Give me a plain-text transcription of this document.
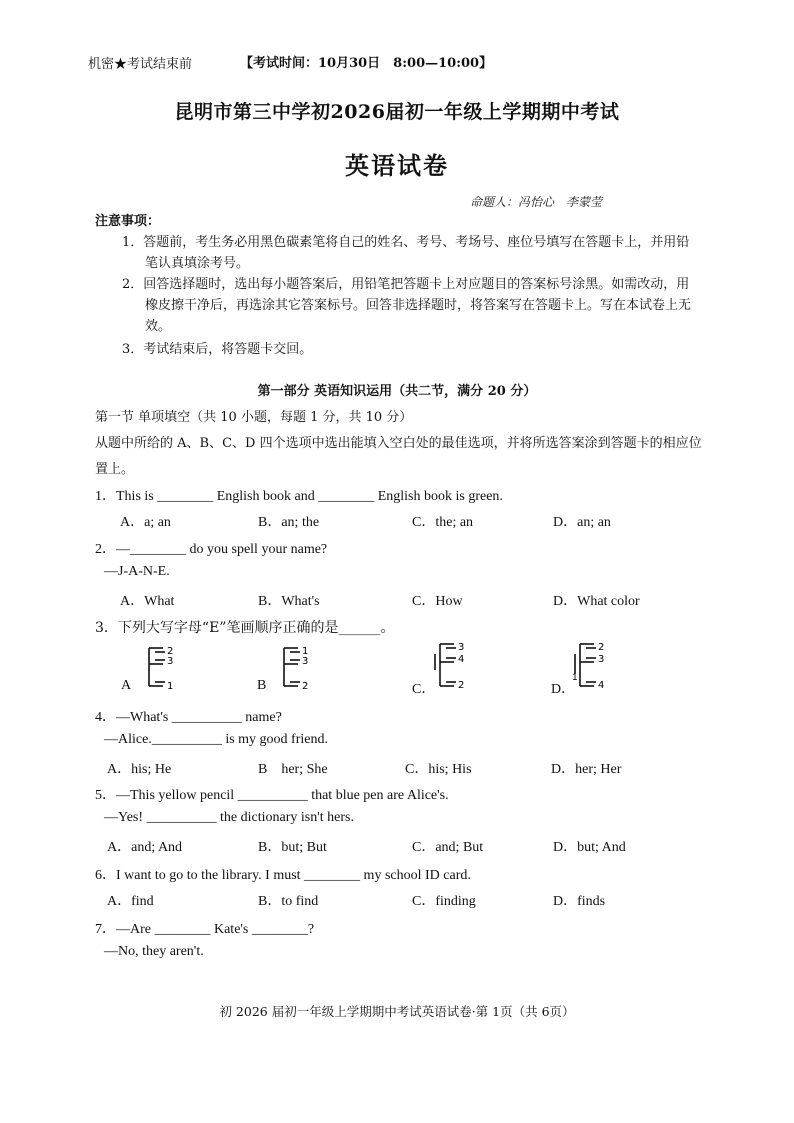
机密★考试结束前	【考试时间：10月30日　8:00—10:00】
昆明市第三中学初2026届初一年级上学期期中考试
英语试卷
命题人：冯怡心　李蒙莹
注意事项：
1．答题前，考生务必用黑色碳素笔将自己的姓名、考号、考场号、座位号填写在答题卡上，并用铅
笔认真填涂考号。
2．回答选择题时，选出每小题答案后，用铅笔把答题卡上对应题目的答案标号涂黑。如需改动，用
橡皮擦干净后，再选涂其它答案标号。回答非选择题时，将答案写在答题卡上。写在本试卷上无
效。
3．考试结束后，将答题卡交回。
第一部分 英语知识运用（共二节，满分 20 分）
第一节 单项填空（共 10 小题，每题 1 分，共 10 分）
从题中所给的 A、B、C、D 四个选项中选出能填入空白处的最佳选项，并将所选答案涂到答题卡的相应位
置上。
1．This is ________ English book and ________ English book is green.
A．a; an	B．an; the	C．the; an	D．an; an
2．—________ do you spell your name?
—J-A-N-E.
A．What	B．What's	C．How	D．What color
3．下列大写字母“E”笔画顺序正确的是______。
A
2
3
1	B
1
3
2	C．
3
4
2	D．
2
3
1
4
4．—What's __________ name?
—Alice.__________ is my good friend.
A．his; He	B　her; She	C．his; His	D．her; Her
5．—This yellow pencil __________ that blue pen are Alice's.
—Yes! __________ the dictionary isn't hers.
A．and; And	B．but; But	C．and; But	D．but; And
6．I want to go to the library. I must ________ my school ID card.
A．find	B．to find	C．finding	D．finds
7．—Are ________ Kate's ________?
—No, they aren't.
初 2026 届初一年级上学期期中考试英语试卷·第 1页（共 6页）
